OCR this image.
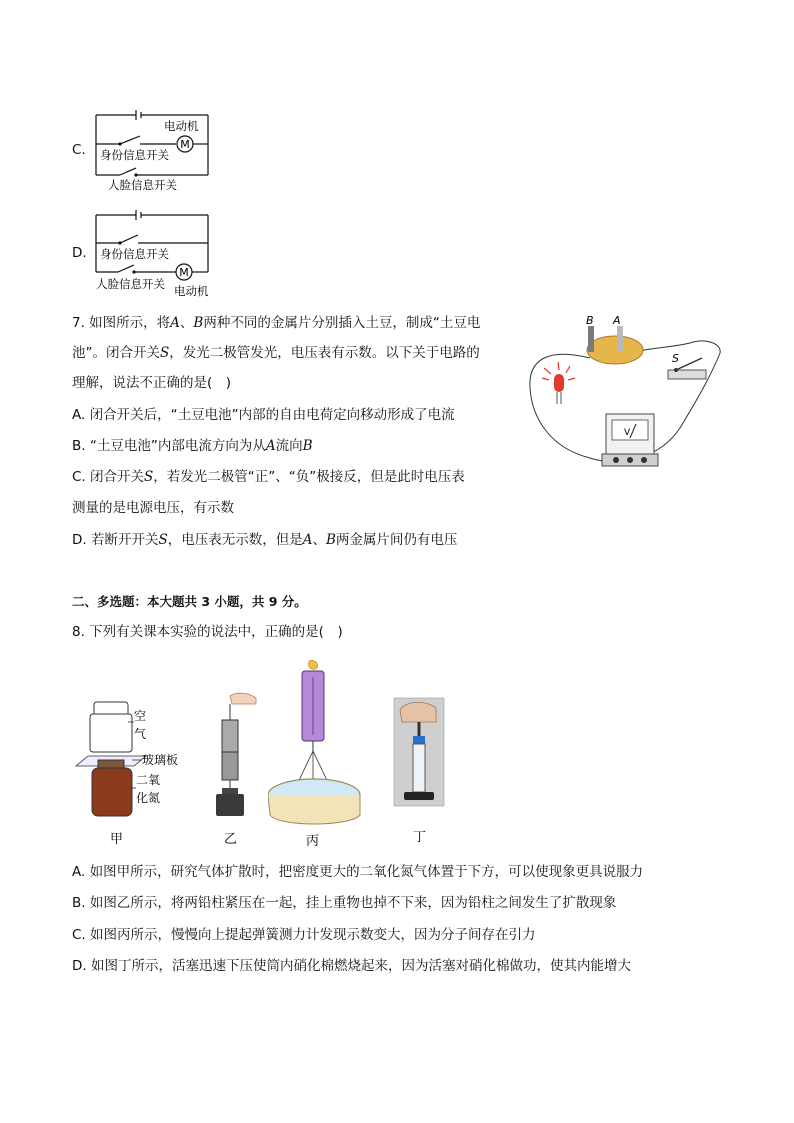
C.	M
电动机
身份信息开关
人脸信息开关
D.
M
身份信息开关
人脸信息开关 电动机
7. 如图所示，将A、B两种不同的金属片分别插入土豆，制成“土豆电
池”。闭合开关S，发光二极管发光，电压表有示数。以下关于电路的
理解，说法不正确的是(　)
A. 闭合开关后，“土豆电池”内部的自由电荷定向移动形成了电流
B. “土豆电池”内部电流方向为从A流向B
C. 闭合开关S，若发光二极管“正”、“负”极接反，但是此时电压表
测量的是电源电压，有示数
D. 若断开开关S，电压表无示数，但是A、B两金属片间仍有电压
B A
S
V
二、多选题：本大题共 3 小题，共 9 分。
8. 下列有关课本实验的说法中，正确的是(　)
空
气
玻璃板
二氧
化氮
甲	乙	丙	丁
A. 如图甲所示，研究气体扩散时，把密度更大的二氧化氮气体置于下方，可以使现象更具说服力
B. 如图乙所示，将两铅柱紧压在一起，挂上重物也掉不下来，因为铅柱之间发生了扩散现象
C. 如图丙所示，慢慢向上提起弹簧测力计发现示数变大，因为分子间存在引力
D. 如图丁所示，活塞迅速下压使筒内硝化棉燃烧起来，因为活塞对硝化棉做功，使其内能增大
